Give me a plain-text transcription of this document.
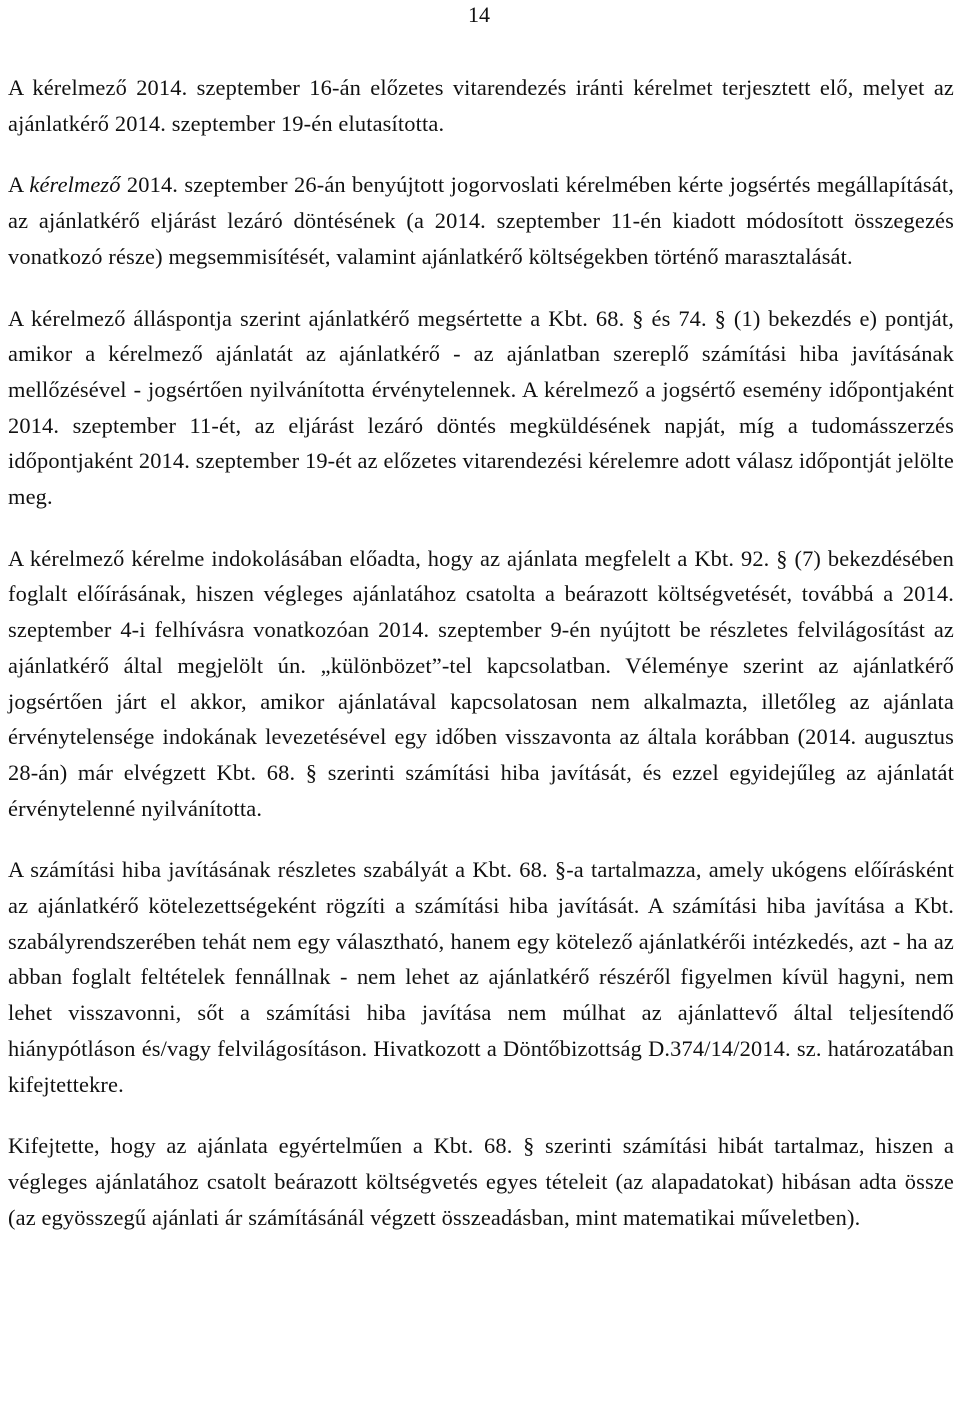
14

A kérelmező 2014. szeptember 16-án előzetes vitarendezés iránti kérelmet terjesztett elő, melyet az ajánlatkérő 2014. szeptember 19-én elutasította.

A kérelmező 2014. szeptember 26-án benyújtott jogorvoslati kérelmében kérte jogsértés megállapítását, az ajánlatkérő eljárást lezáró döntésének (a 2014. szeptember 11-én kiadott módosított összegezés vonatkozó része) megsemmisítését, valamint ajánlatkérő költségekben történő marasztalását.

A kérelmező álláspontja szerint ajánlatkérő megsértette a Kbt. 68. § és 74. § (1) bekezdés e) pontját, amikor a kérelmező ajánlatát az ajánlatkérő - az ajánlatban szereplő számítási hiba javításának mellőzésével - jogsértően nyilvánította érvénytelennek. A kérelmező a jogsértő esemény időpontjaként 2014. szeptember 11-ét, az eljárást lezáró döntés megküldésének napját, míg a tudomásszerzés időpontjaként 2014. szeptember 19-ét az előzetes vitarendezési kérelemre adott válasz időpontját jelölte meg.

A kérelmező kérelme indokolásában előadta, hogy az ajánlata megfelelt a Kbt. 92. § (7) bekezdésében foglalt előírásának, hiszen végleges ajánlatához csatolta a beárazott költségvetését, továbbá a 2014. szeptember 4-i felhívásra vonatkozóan 2014. szeptember 9-én nyújtott be részletes felvilágosítást az ajánlatkérő által megjelölt ún. „különbözet”-tel kapcsolatban. Véleménye szerint az ajánlatkérő jogsértően járt el akkor, amikor ajánlatával kapcsolatosan nem alkalmazta, illetőleg az ajánlata érvénytelensége indokának levezetésével egy időben visszavonta az általa korábban (2014. augusztus 28-án) már elvégzett Kbt. 68. § szerinti számítási hiba javítását, és ezzel egyidejűleg az ajánlatát érvénytelenné nyilvánította.

A számítási hiba javításának részletes szabályát a Kbt. 68. §-a tartalmazza, amely ukógens előírásként az ajánlatkérő kötelezettségeként rögzíti a számítási hiba javítását. A számítási hiba javítása a Kbt. szabályrendszerében tehát nem egy választható, hanem egy kötelező ajánlatkérői intézkedés, azt - ha az abban foglalt feltételek fennállnak - nem lehet az ajánlatkérő részéről figyelmen kívül hagyni, nem lehet visszavonni, sőt a számítási hiba javítása nem múlhat az ajánlattevő által teljesítendő hiánypótláson és/vagy felvilágosításon. Hivatkozott a Döntőbizottság D.374/14/2014. sz. határozatában kifejtettekre.

Kifejtette, hogy az ajánlata egyértelműen a Kbt. 68. § szerinti számítási hibát tartalmaz, hiszen a végleges ajánlatához csatolt beárazott költségvetés egyes tételeit (az alapadatokat) hibásan adta össze (az egyösszegű ajánlati ár számításánál végzett összeadásban, mint matematikai műveletben).
